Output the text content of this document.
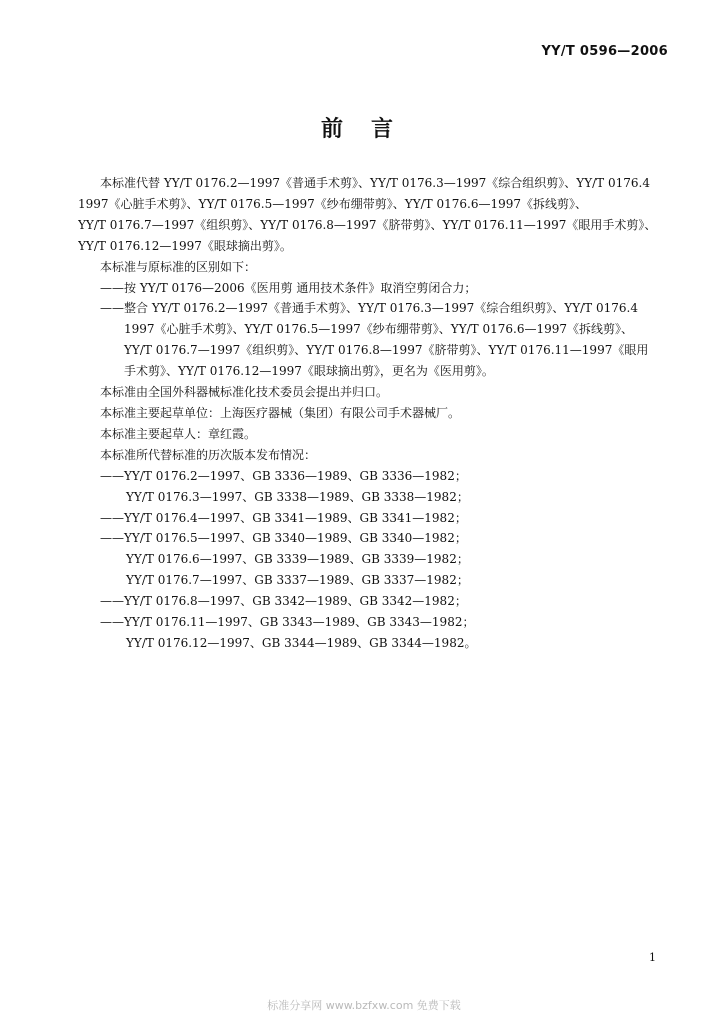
YY/T 0596—2006
前言
本标准代替 YY/T 0176.2—1997《普通手术剪》、YY/T 0176.3—1997《综合组织剪》、YY/T 0176.4
1997《心脏手术剪》、YY/T 0176.5—1997《纱布绷带剪》、YY/T 0176.6—1997《拆线剪》、
YY/T 0176.7—1997《组织剪》、YY/T 0176.8—1997《脐带剪》、YY/T 0176.11—1997《眼用手术剪》、
YY/T 0176.12—1997《眼球摘出剪》。
本标准与原标准的区别如下：
——按 YY/T 0176—2006《医用剪 通用技术条件》取消空剪闭合力；
——整合 YY/T 0176.2—1997《普通手术剪》、YY/T 0176.3—1997《综合组织剪》、YY/T 0176.4
1997《心脏手术剪》、YY/T 0176.5—1997《纱布绷带剪》、YY/T 0176.6—1997《拆线剪》、
YY/T 0176.7—1997《组织剪》、YY/T 0176.8—1997《脐带剪》、YY/T 0176.11—1997《眼用
手术剪》、YY/T 0176.12—1997《眼球摘出剪》，更名为《医用剪》。
本标准由全国外科器械标准化技术委员会提出并归口。
本标准主要起草单位：上海医疗器械（集团）有限公司手术器械厂。
本标准主要起草人：章红霞。
本标准所代替标准的历次版本发布情况：
——YY/T 0176.2—1997、GB 3336—1989、GB 3336—1982；
YY/T 0176.3—1997、GB 3338—1989、GB 3338—1982；
——YY/T 0176.4—1997、GB 3341—1989、GB 3341—1982；
——YY/T 0176.5—1997、GB 3340—1989、GB 3340—1982；
YY/T 0176.6—1997、GB 3339—1989、GB 3339—1982；
YY/T 0176.7—1997、GB 3337—1989、GB 3337—1982；
——YY/T 0176.8—1997、GB 3342—1989、GB 3342—1982；
——YY/T 0176.11—1997、GB 3343—1989、GB 3343—1982；
YY/T 0176.12—1997、GB 3344—1989、GB 3344—1982。
1
标准分享网 www.bzfxw.com 免费下载
